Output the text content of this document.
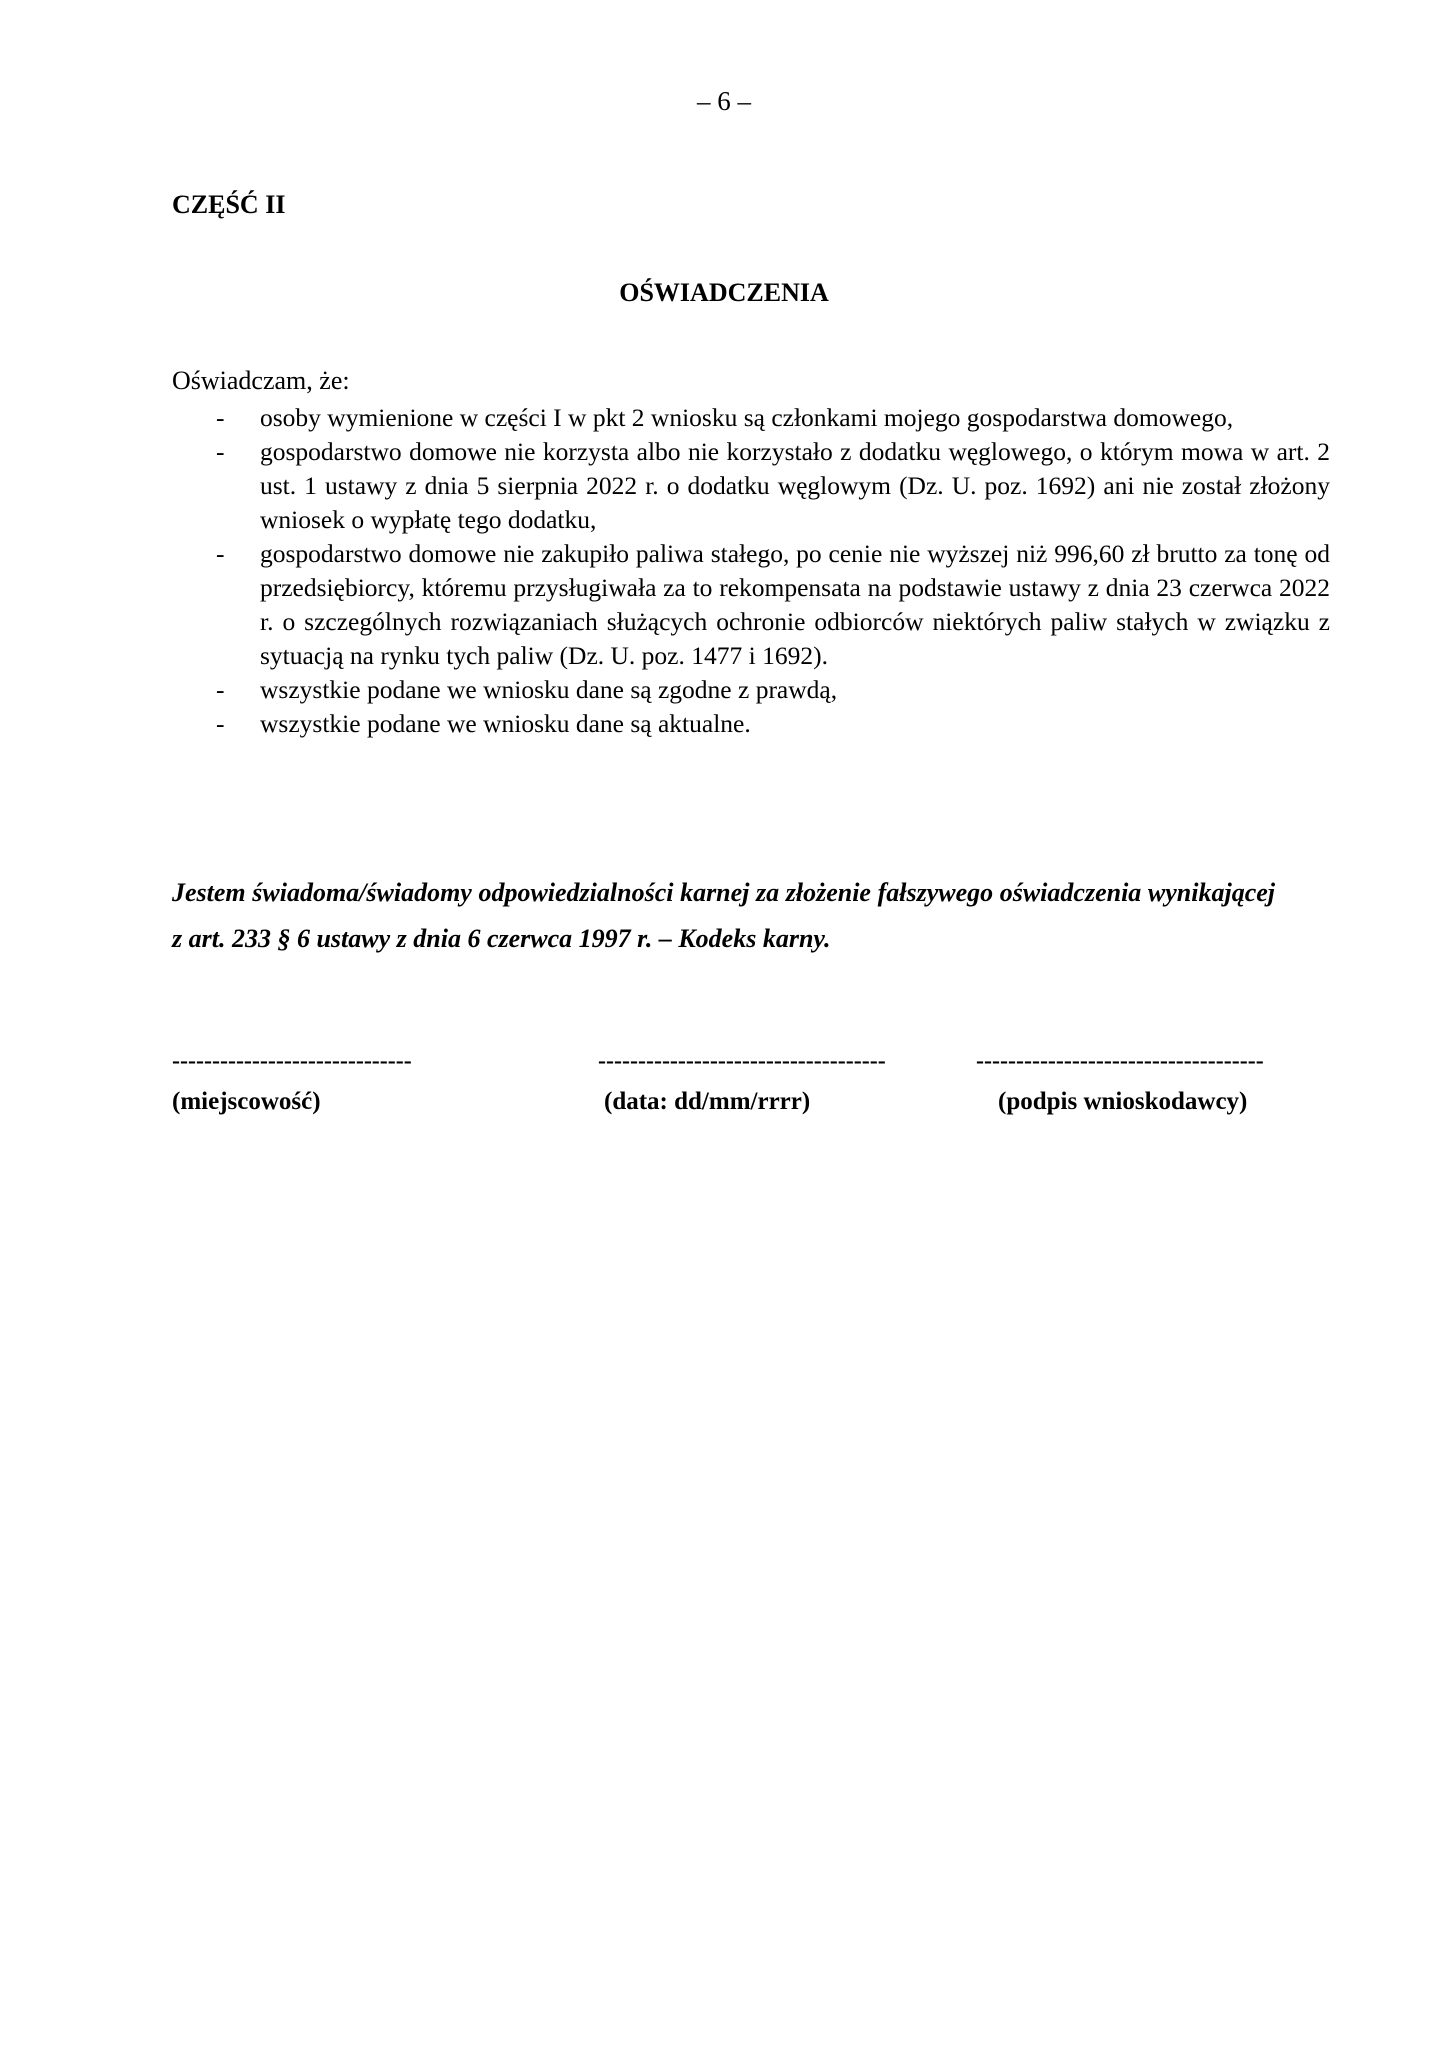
– 6 –
CZĘŚĆ II
OŚWIADCZENIA
Oświadczam, że:
- osoby wymienione w części I w pkt 2 wniosku są członkami mojego gospodarstwa domowego,
- gospodarstwo domowe nie korzysta albo nie korzystało z dodatku węglowego, o którym mowa w art. 2 ust. 1 ustawy z dnia 5 sierpnia 2022 r. o dodatku węglowym (Dz. U. poz. 1692) ani nie został złożony wniosek o wypłatę tego dodatku,
- gospodarstwo domowe nie zakupiło paliwa stałego, po cenie nie wyższej niż 996,60 zł brutto za tonę od przedsiębiorcy, któremu przysługiwała za to rekompensata na podstawie ustawy z dnia 23 czerwca 2022 r. o szczególnych rozwiązaniach służących ochronie odbiorców niektórych paliw stałych w związku z sytuacją na rynku tych paliw (Dz. U. poz. 1477 i 1692).
- wszystkie podane we wniosku dane są zgodne z prawdą,
- wszystkie podane we wniosku dane są aktualne.
Jestem świadoma/świadomy odpowiedzialności karnej za złożenie fałszywego oświadczenia wynikającej z art. 233 § 6 ustawy z dnia 6 czerwca 1997 r. – Kodeks karny.
------------------------------	------------------------------------	------------------------------------
(miejscowość)	(data: dd/mm/rrrr)	(podpis wnioskodawcy)
